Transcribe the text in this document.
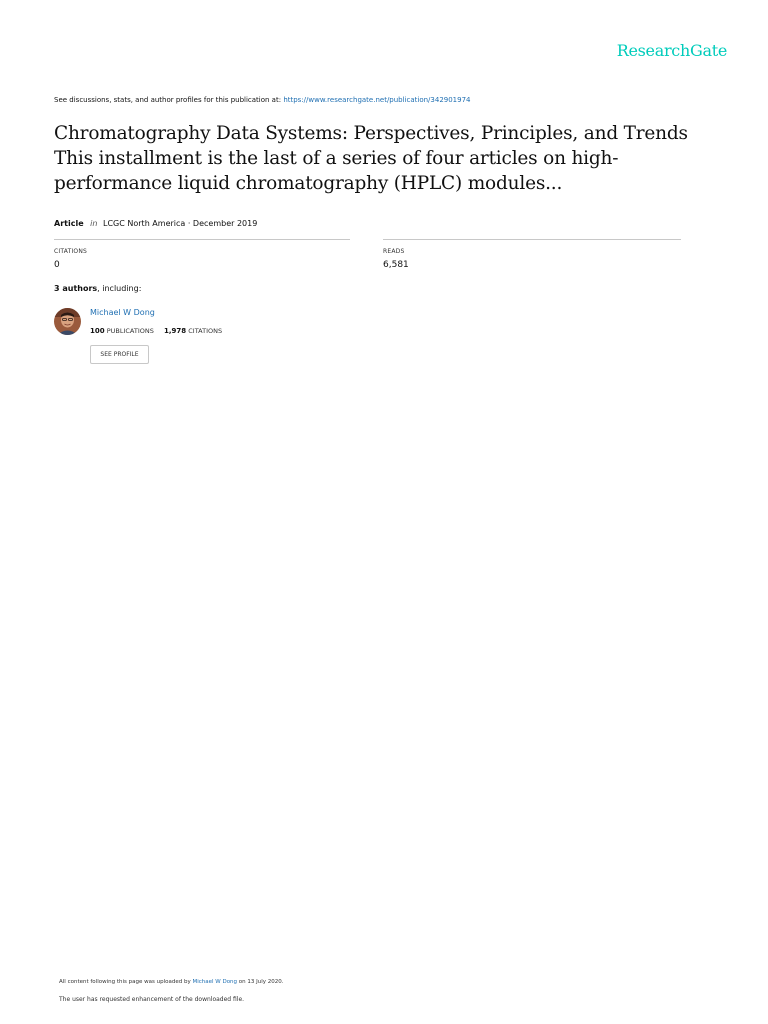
ResearchGate
See discussions, stats, and author profiles for this publication at: https://www.researchgate.net/publication/342901974
Chromatography Data Systems: Perspectives, Principles, and Trends This installment is the last of a series of four articles on high-performance liquid chromatography (HPLC) modules...
Article in LCGC North America · December 2019
CITATIONS
0
READS
6,581
3 authors, including:
Michael W Dong
100 PUBLICATIONS 1,978 CITATIONS
SEE PROFILE
All content following this page was uploaded by Michael W Dong on 13 July 2020.
The user has requested enhancement of the downloaded file.
